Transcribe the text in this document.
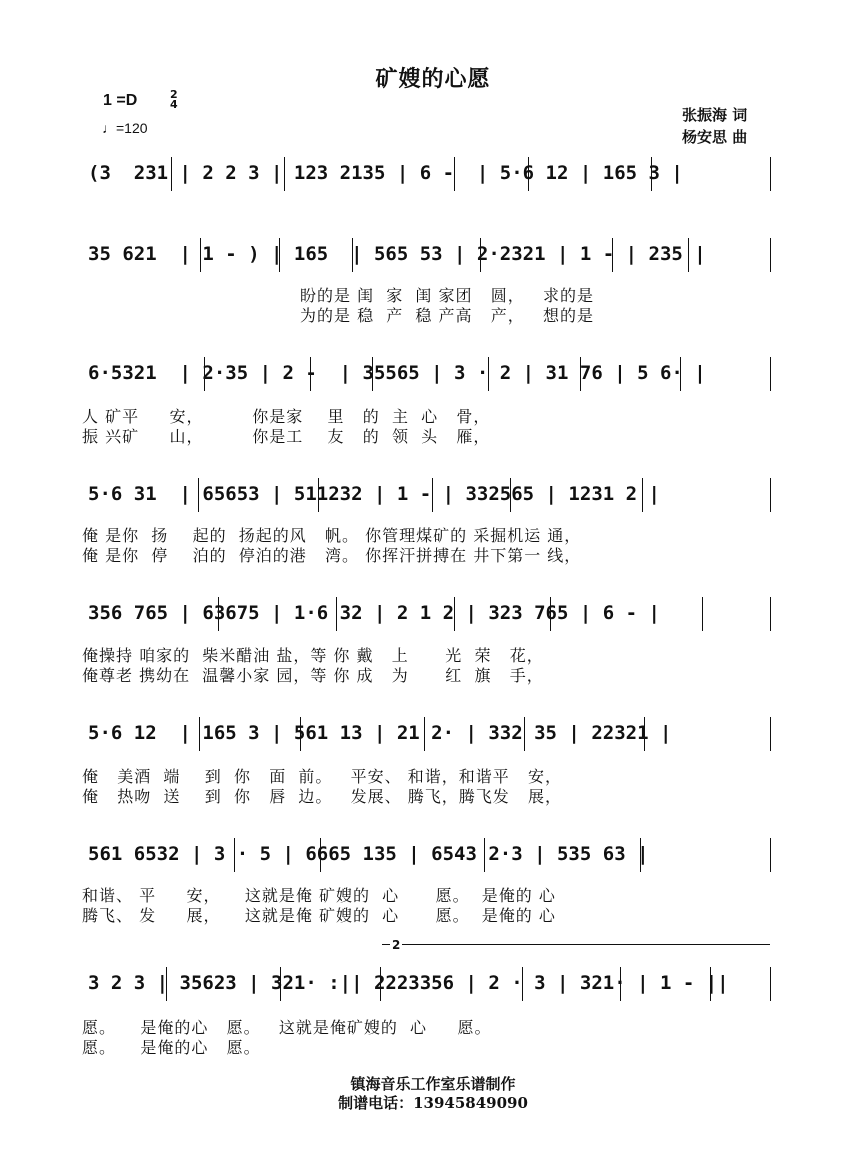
矿嫂的心愿
1 =D	2
4
♩=120
张振海 词
杨安思 曲
(3  231 | 2 2 3 | 123 2135 | 6 -  | 5·6 12 | 165 3 |
35 621  | 1 - ) | 165  | 565 53 | 2·2321 | 1 - | 235 |
盼的是 闺  家  闺 家团   圆，   求的是
为的是 稳  产  稳 产高   产，   想的是
6·5321  | 2·35 | 2 -  | 35565 | 3 · 2 | 31 76 | 5 6· |
人 矿平     安，        你是家    里   的  主  心   骨，
振 兴矿     山，        你是工    友   的  领  头   雁，
5·6 31  | 65653 | 511232 | 1 - | 332565 | 1231 2 |
俺 是你  扬    起的  扬起的风   帆。 你管理煤矿的 采掘机运 通，
俺 是你  停    泊的  停泊的港   湾。 你挥汗拼搏在 井下第一 线，
356 765 | 63675 | 1·6 32 | 2 1 2 | 323 765 | 6 - |
俺操持 咱家的  柴米醋油 盐，等 你 戴   上      光  荣   花，
俺尊老 携幼在  温馨小家 园，等 你 成   为      红  旗   手，
5·6 12  | 165 3 | 561 13 | 21 2· | 332 35 | 22321 |
俺   美酒  端    到  你   面  前。   平安、 和谐，和谐平   安，
俺   热吻  送    到  你   唇  边。   发展、 腾飞，腾飞发   展，
561 6532 | 3 · 5 | 6665 135 | 6543 2·3 | 535 63 |
和谐、 平     安，    这就是俺 矿嫂的  心      愿。  是俺的 心
腾飞、 发     展，    这就是俺 矿嫂的  心      愿。  是俺的 心
2
3 2 3 | 35623 | 321· :|| 2223356 | 2 · 3 | 321· | 1 - ||
愿。    是俺的心   愿。   这就是俺矿嫂的  心     愿。
愿。    是俺的心   愿。
镇海音乐工作室乐谱制作
制谱电话：13945849090
